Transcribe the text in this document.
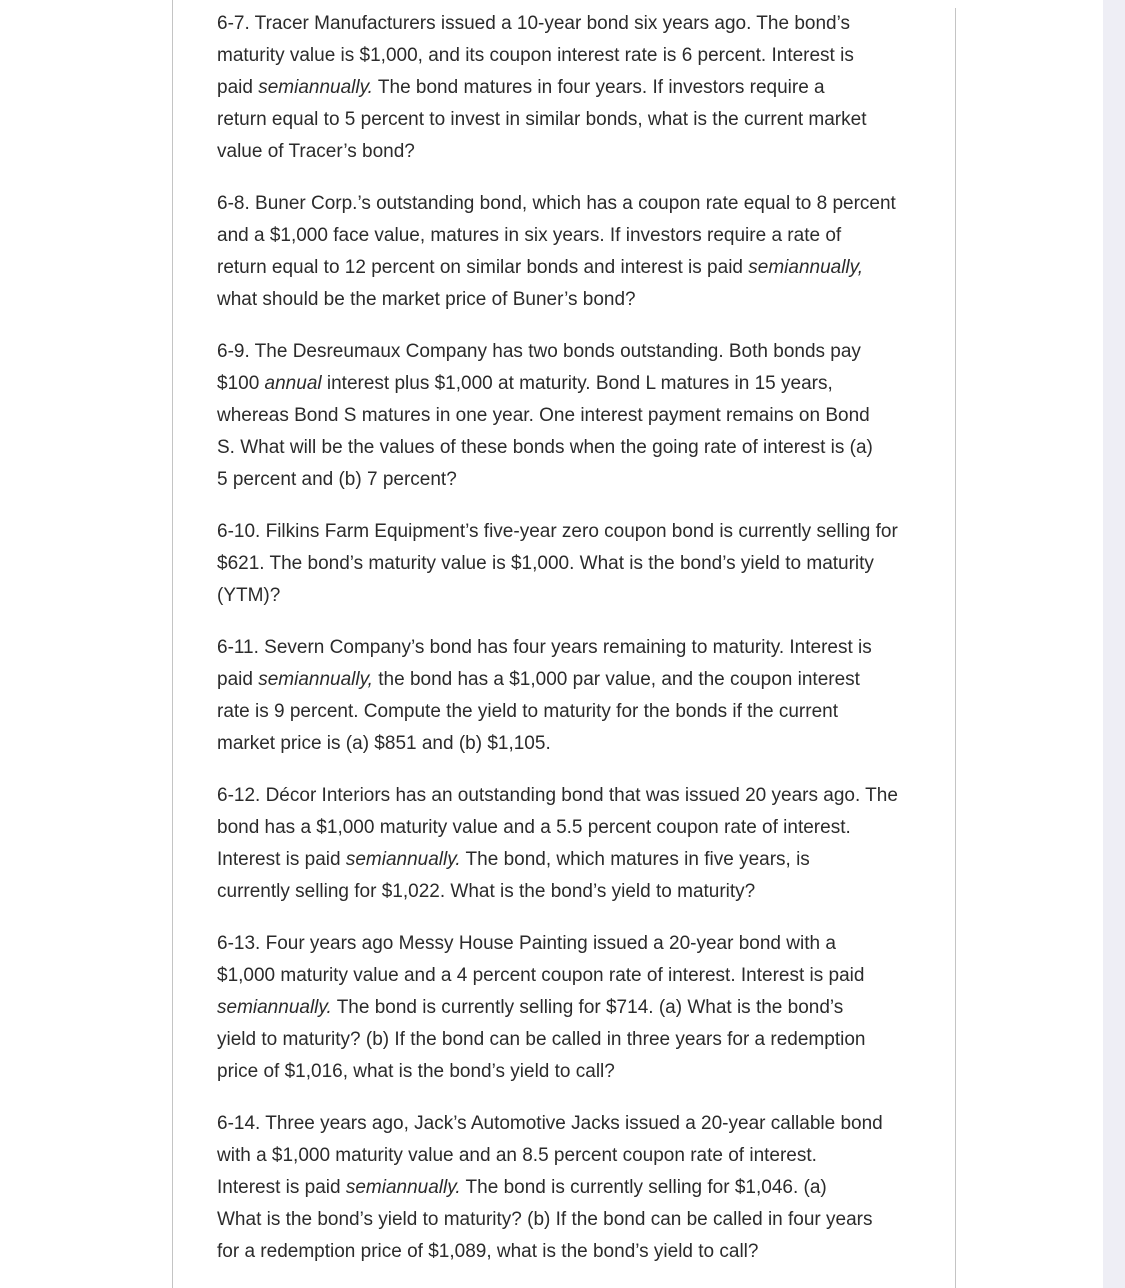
6-7. Tracer Manufacturers issued a 10-year bond six years ago. The bond’s
maturity value is $1,000, and its coupon interest rate is 6 percent. Interest is
paid semiannually. The bond matures in four years. If investors require a
return equal to 5 percent to invest in similar bonds, what is the current market
value of Tracer’s bond?

6-8. Buner Corp.’s outstanding bond, which has a coupon rate equal to 8 percent
and a $1,000 face value, matures in six years. If investors require a rate of
return equal to 12 percent on similar bonds and interest is paid semiannually,
what should be the market price of Buner’s bond?

6-9. The Desreumaux Company has two bonds outstanding. Both bonds pay
$100 annual interest plus $1,000 at maturity. Bond L matures in 15 years,
whereas Bond S matures in one year. One interest payment remains on Bond
S. What will be the values of these bonds when the going rate of interest is (a)
5 percent and (b) 7 percent?

6-10. Filkins Farm Equipment’s five-year zero coupon bond is currently selling for
$621. The bond’s maturity value is $1,000. What is the bond’s yield to maturity
(YTM)?

6-11. Severn Company’s bond has four years remaining to maturity. Interest is
paid semiannually, the bond has a $1,000 par value, and the coupon interest
rate is 9 percent. Compute the yield to maturity for the bonds if the current
market price is (a) $851 and (b) $1,105.

6-12. Décor Interiors has an outstanding bond that was issued 20 years ago. The
bond has a $1,000 maturity value and a 5.5 percent coupon rate of interest.
Interest is paid semiannually. The bond, which matures in five years, is
currently selling for $1,022. What is the bond’s yield to maturity?

6-13. Four years ago Messy House Painting issued a 20-year bond with a
$1,000 maturity value and a 4 percent coupon rate of interest. Interest is paid
semiannually. The bond is currently selling for $714. (a) What is the bond’s
yield to maturity? (b) If the bond can be called in three years for a redemption
price of $1,016, what is the bond’s yield to call?

6-14. Three years ago, Jack’s Automotive Jacks issued a 20-year callable bond
with a $1,000 maturity value and an 8.5 percent coupon rate of interest.
Interest is paid semiannually. The bond is currently selling for $1,046. (a)
What is the bond’s yield to maturity? (b) If the bond can be called in four years
for a redemption price of $1,089, what is the bond’s yield to call?
